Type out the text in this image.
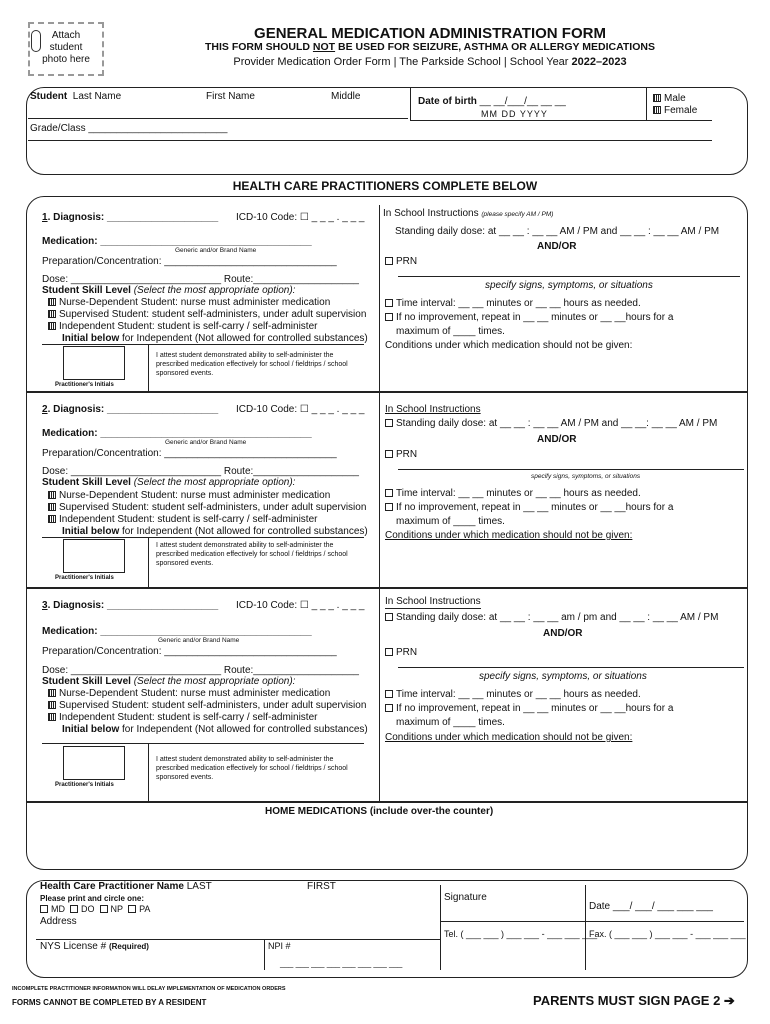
Attach
student
photo here
GENERAL MEDICATION ADMINISTRATION FORM
THIS FORM SHOULD NOT BE USED FOR SEIZURE, ASTHMA OR ALLERGY MEDICATIONS
Provider Medication Order Form | The Parkside School | School Year 2022–2023
Student Last Name	First Name	Middle	Date of birth __ __/___/__ __ __
MM DD YYYY
Male
Female
Grade/Class _________________________
HEALTH CARE PRACTITIONERS COMPLETE BELOW
1. Diagnosis: ____________________ ICD-10 Code: ☐ _ _ _ . _ _ _
Medication: ______________________________________
Generic and/or Brand Name
Preparation/Concentration: _______________________________
Dose: ___________________________ Route:___________________
Student Skill Level (Select the most appropriate option):
Nurse-Dependent Student: nurse must administer medication
Supervised Student: student self-administers, under adult supervision
Independent Student: student is self-carry / self-administer
Initial below for Independent (Not allowed for controlled substances)
Practitioner's Initials
I attest student demonstrated ability to self-administer the prescribed medication effectively for school / fieldtrips / school sponsored events.
In School Instructions (please specify AM / PM)
Standing daily dose: at __ __ : __ __ AM / PM and __ __ : __ __ AM / PM
AND/OR
PRN
specify signs, symptoms, or situations
Time interval: __ __ minutes or __ __ hours as needed.
If no improvement, repeat in __ __ minutes or __ __hours for a
maximum of ____ times.
Conditions under which medication should not be given:
2. Diagnosis: ____________________ ICD-10 Code: ☐ _ _ _ . _ _ _
Medication: ______________________________________
Generic and/or Brand Name
Preparation/Concentration: _______________________________
Dose: ___________________________ Route:___________________
Student Skill Level (Select the most appropriate option):
Nurse-Dependent Student: nurse must administer medication
Supervised Student: student self-administers, under adult supervision
Independent Student: student is self-carry / self-administer
Initial below for Independent (Not allowed for controlled substances)
Practitioner's Initials
I attest student demonstrated ability to self-administer the prescribed medication effectively for school / fieldtrips / school sponsored events.
In School Instructions
Standing daily dose: at __ __ : __ __ AM / PM and __ __: __ __ AM / PM
AND/OR
PRN
specify signs, symptoms, or situations
Time interval: __ __ minutes or __ __ hours as needed.
If no improvement, repeat in __ __ minutes or __ __hours for a
maximum of ____ times.
Conditions under which medication should not be given:
3. Diagnosis: ____________________ ICD-10 Code: ☐ _ _ _ . _ _ _
Medication: ______________________________________
Generic and/or Brand Name
Preparation/Concentration: _______________________________
Dose: ___________________________ Route:___________________
Student Skill Level (Select the most appropriate option):
Nurse-Dependent Student: nurse must administer medication
Supervised Student: student self-administers, under adult supervision
Independent Student: student is self-carry / self-administer
Initial below for Independent (Not allowed for controlled substances)
Practitioner's Initials
I attest student demonstrated ability to self-administer the prescribed medication effectively for school / fieldtrips / school sponsored events.
In School Instructions
Standing daily dose: at __ __ : __ __ am / pm and __ __ : __ __ AM / PM
AND/OR
PRN
specify signs, symptoms, or situations
Time interval: __ __ minutes or __ __ hours as needed.
If no improvement, repeat in __ __ minutes or __ __hours for a
maximum of ____ times.
Conditions under which medication should not be given:
HOME MEDICATIONS (include over-the counter)
Health Care Practitioner Name LAST	FIRST
Please print and circle one:
MD DO NP PA
Address
NYS License # (Required)	NPI #
___ ___ ___ ___ ___ ___ ___ ___
Signature
Date ___/ ___/ ___ ___ ___
Tel. ( ___ ___ ) ___ ___ - ___ ___ ___
Fax. ( ___ ___ ) ___ ___ - ___ ___ ___
INCOMPLETE PRACTITIONER INFORMATION WILL DELAY IMPLEMENTATION OF MEDICATION ORDERS
FORMS CANNOT BE COMPLETED BY A RESIDENT	PARENTS MUST SIGN PAGE 2 ➔
